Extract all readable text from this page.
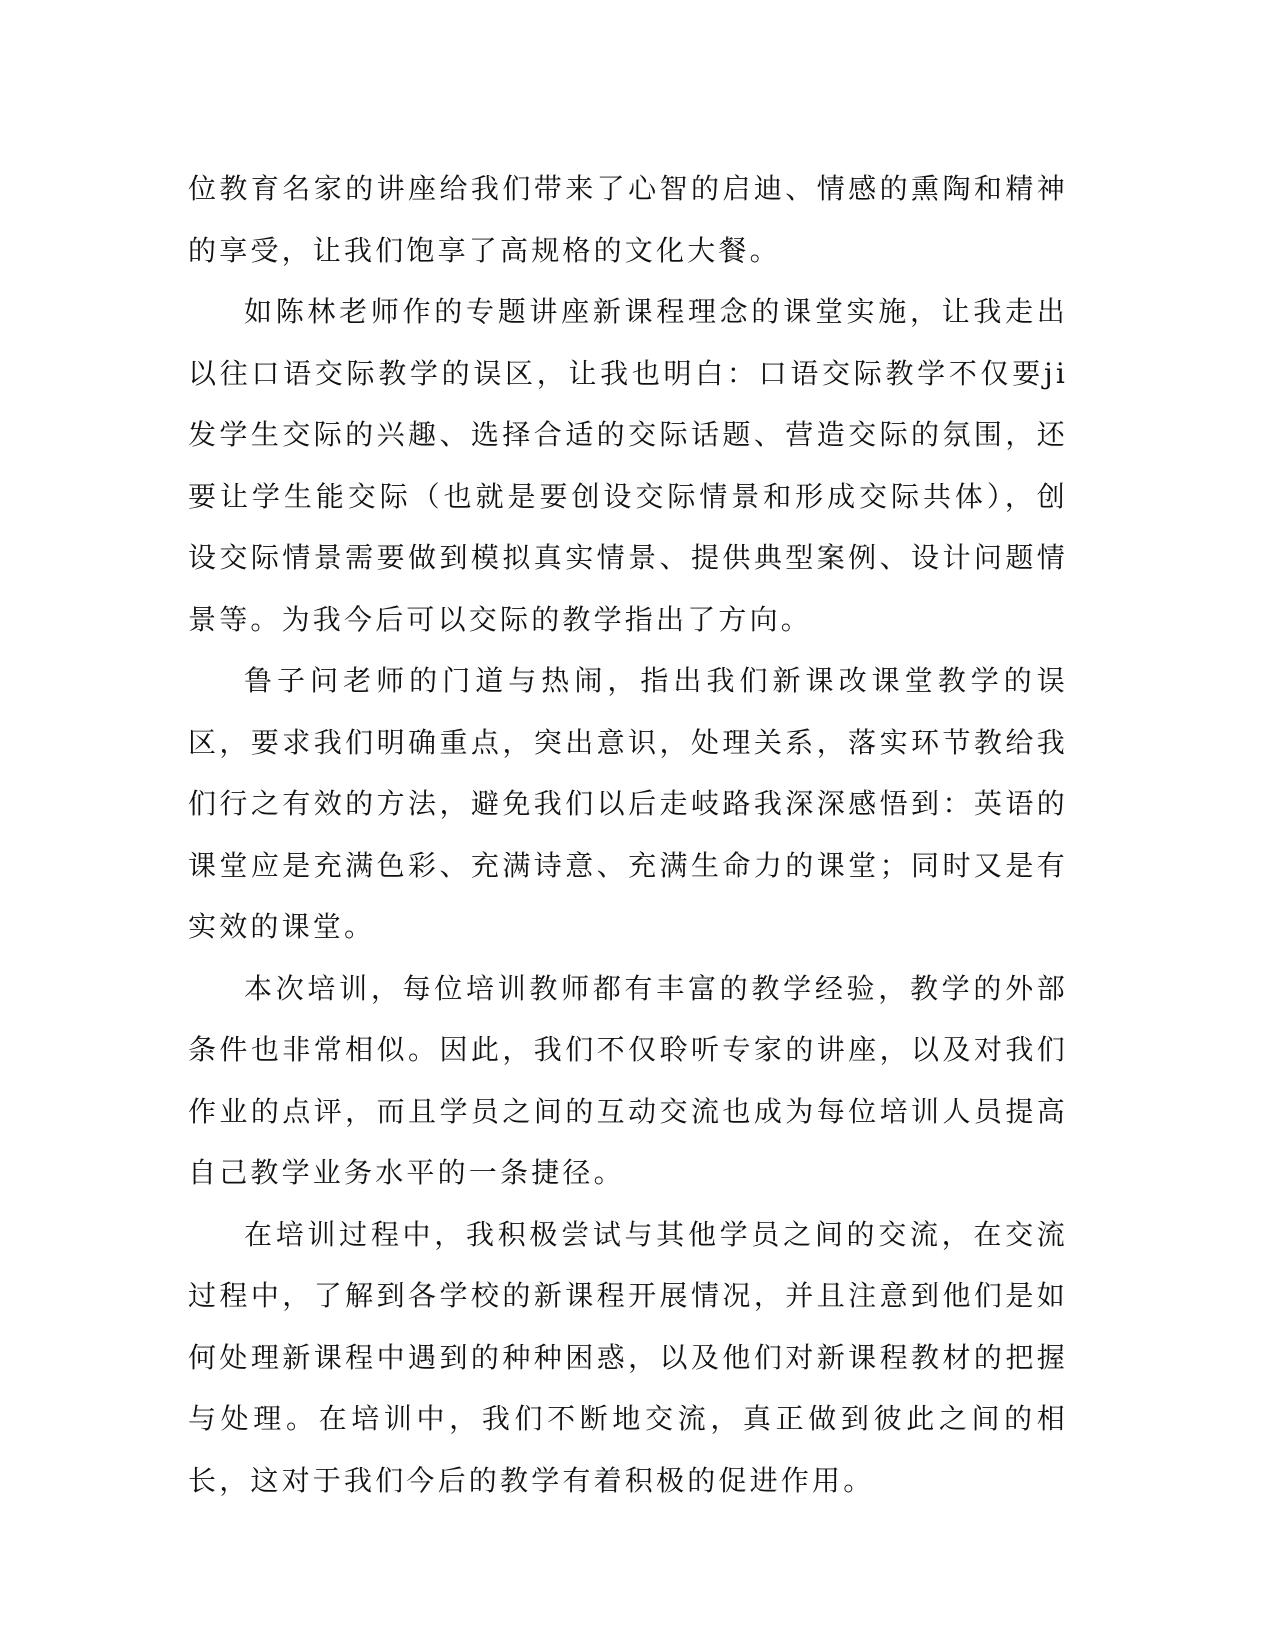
位教育名家的讲座给我们带来了心智的启迪、情感的熏陶和精神的享受，让我们饱享了高规格的文化大餐。

如陈林老师作的专题讲座新课程理念的课堂实施，让我走出以往口语交际教学的误区，让我也明白：口语交际教学不仅要ji发学生交际的兴趣、选择合适的交际话题、营造交际的氛围，还要让学生能交际（也就是要创设交际情景和形成交际共体），创设交际情景需要做到模拟真实情景、提供典型案例、设计问题情景等。为我今后可以交际的教学指出了方向。

鲁子问老师的门道与热闹，指出我们新课改课堂教学的误区，要求我们明确重点，突出意识，处理关系，落实环节教给我们行之有效的方法，避免我们以后走岐路我深深感悟到：英语的课堂应是充满色彩、充满诗意、充满生命力的课堂；同时又是有实效的课堂。

本次培训，每位培训教师都有丰富的教学经验，教学的外部条件也非常相似。因此，我们不仅聆听专家的讲座，以及对我们作业的点评，而且学员之间的互动交流也成为每位培训人员提高自己教学业务水平的一条捷径。

在培训过程中，我积极尝试与其他学员之间的交流，在交流过程中，了解到各学校的新课程开展情况，并且注意到他们是如何处理新课程中遇到的种种困惑，以及他们对新课程教材的把握与处理。在培训中，我们不断地交流，真正做到彼此之间的相长，这对于我们今后的教学有着积极的促进作用。
